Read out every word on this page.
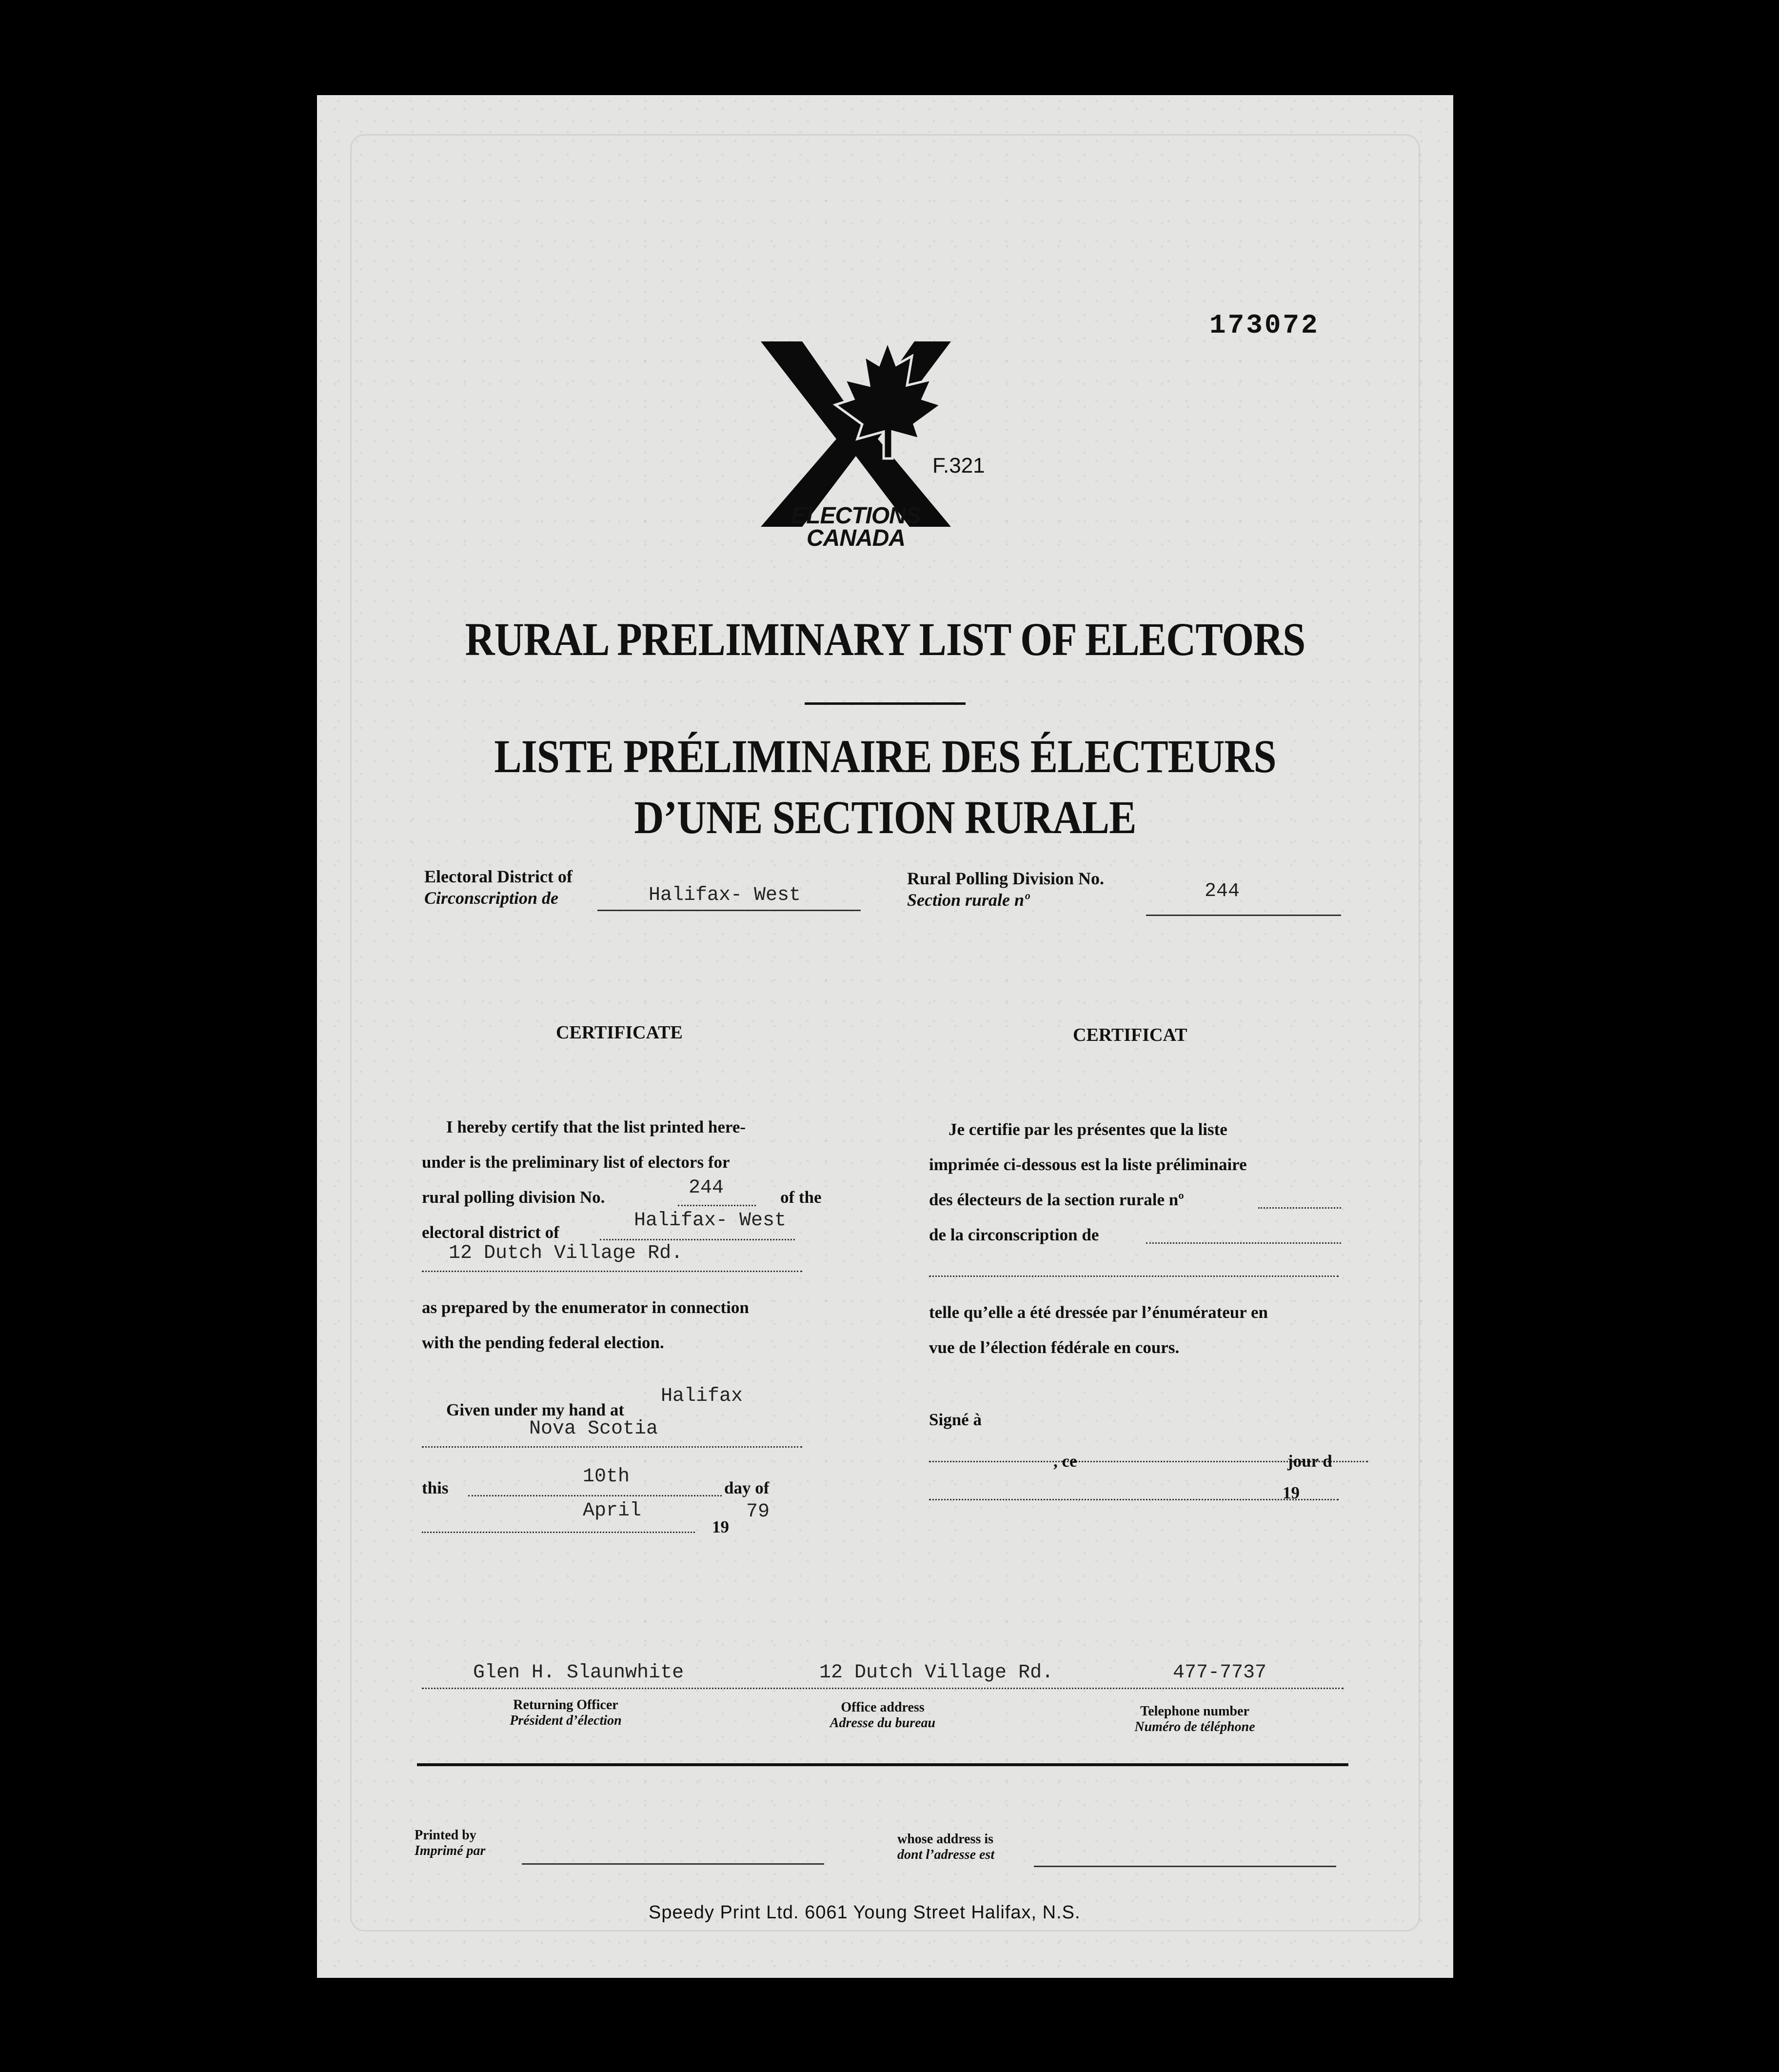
173072
ELECTIONS
CANADA
F.321
RURAL PRELIMINARY LIST OF ELECTORS
LISTE PRÉLIMINAIRE DES ÉLECTEURS
D’UNE SECTION RURALE
Electoral District of
Circonscription de	Halifax- West
Rural Polling Division No.
Section rurale nº	244
CERTIFICATE
I hereby certify that the list printed here-
under is the preliminary list of electors for
rural polling division No.	244	of the
electoral district of
Halifax- West
12 Dutch Village Rd.
as prepared by the enumerator in connection
with the pending federal election.
Given under my hand at
Halifax
Nova Scotia
this
10th
day of
April
19
79
CERTIFICAT
Je certifie par les présentes que la liste
imprimée ci-dessous est la liste préliminaire
des électeurs de la section rurale nº
de la circonscription de
telle qu’elle a été dressée par l’énumérateur en
vue de l’élection fédérale en cours.
Signé à
, ce	jour d
19
Glen H. Slaunwhite	12 Dutch Village Rd.	477-7737
Returning Officer
Président d’élection
Office address
Adresse du bureau
Telephone number
Numéro de téléphone
Printed by
Imprimé par
whose address is
dont l’adresse est
Speedy Print Ltd. 6061 Young Street Halifax, N.S.
